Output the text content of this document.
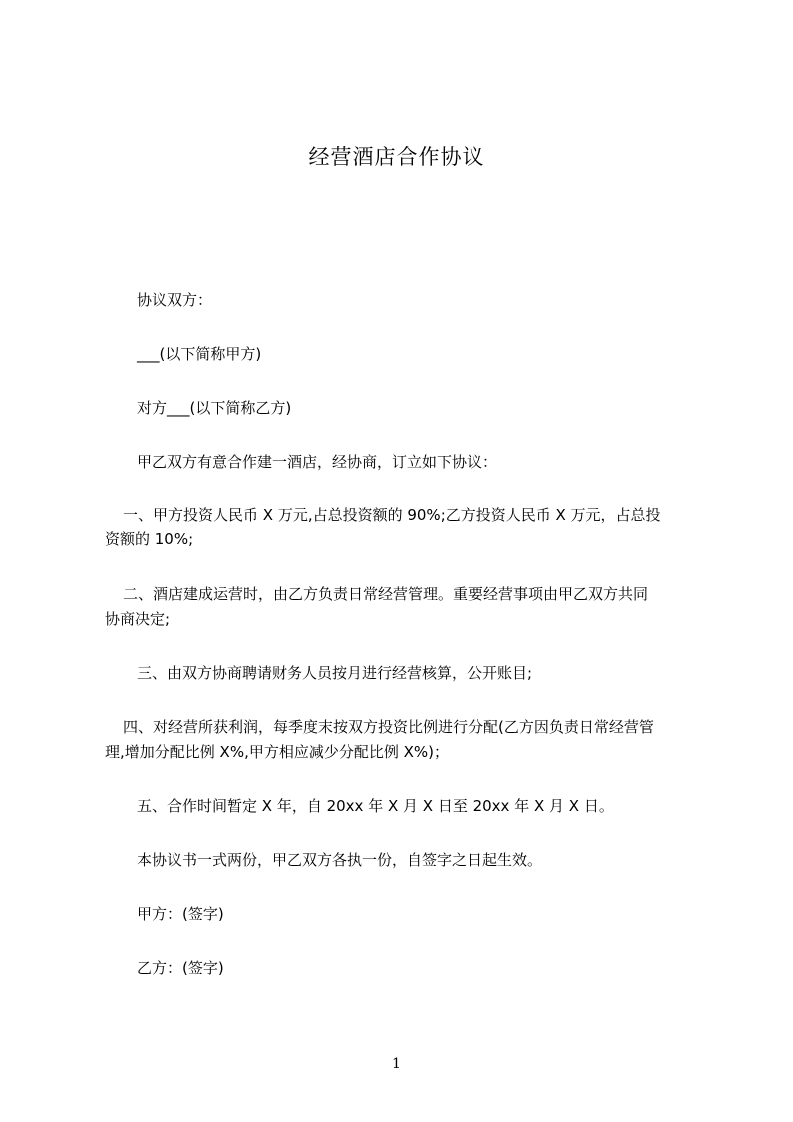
经营酒店合作协议
协议双方：
___(以下简称甲方)
对方___(以下简称乙方)
甲乙双方有意合作建一酒店，经协商，订立如下协议：
一、甲方投资人民币 X 万元,占总投资额的 90%;乙方投资人民币 X 万元，占总投
资额的 10%;
二、酒店建成运营时，由乙方负责日常经营管理。重要经营事项由甲乙双方共同
协商决定;
三、由双方协商聘请财务人员按月进行经营核算，公开账目;
四、对经营所获利润，每季度末按双方投资比例进行分配(乙方因负责日常经营管
理,增加分配比例 X%,甲方相应减少分配比例 X%)；
五、合作时间暂定 X 年，自 20xx 年 X 月 X 日至 20xx 年 X 月 X 日。
本协议书一式两份，甲乙双方各执一份，自签字之日起生效。
甲方：(签字)
乙方：(签字)
1
